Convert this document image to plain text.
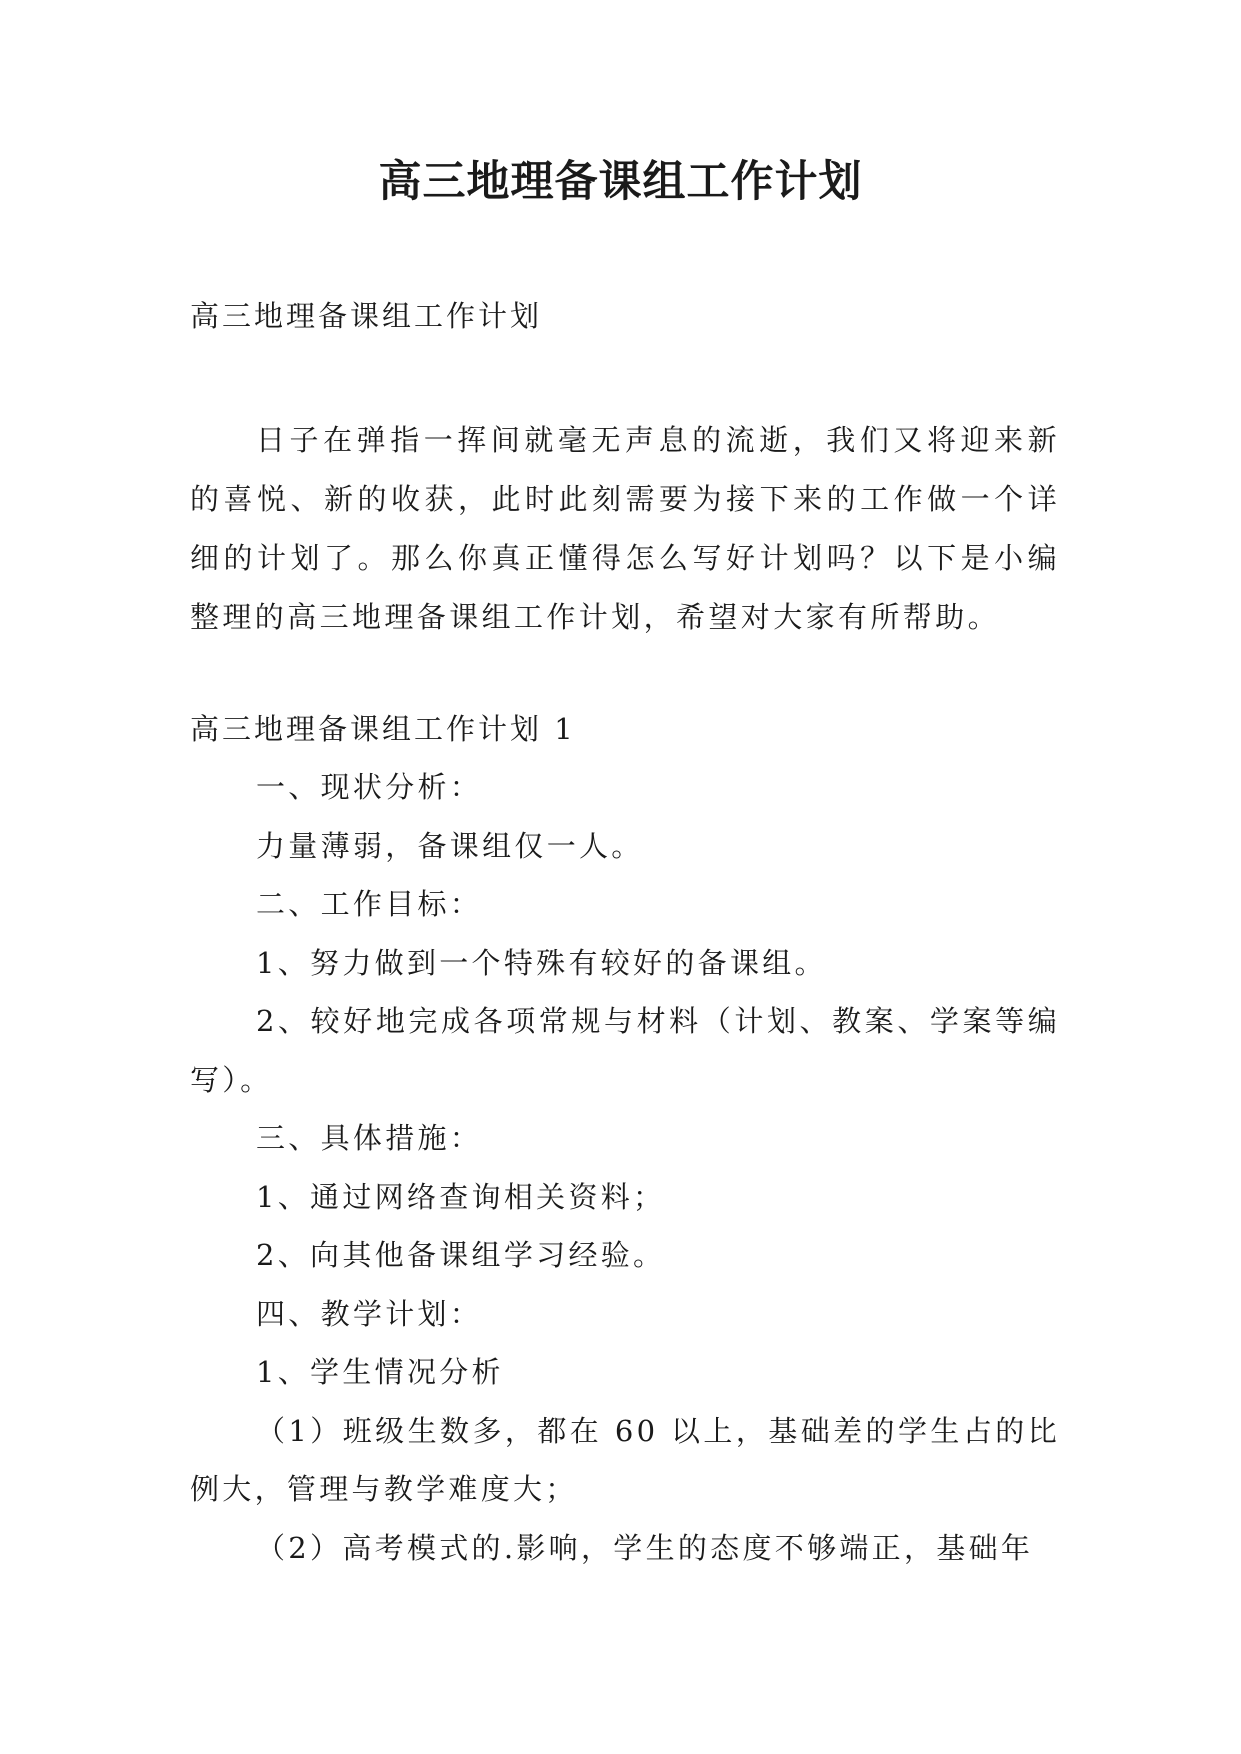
高三地理备课组工作计划
高三地理备课组工作计划
日子在弹指一挥间就毫无声息的流逝，我们又将迎来新的喜悦、新的收获，此时此刻需要为接下来的工作做一个详细的计划了。那么你真正懂得怎么写好计划吗？以下是小编整理的高三地理备课组工作计划，希望对大家有所帮助。
高三地理备课组工作计划 1

一、现状分析：

力量薄弱，备课组仅一人。

二、工作目标：

1、努力做到一个特殊有较好的备课组。

2、较好地完成各项常规与材料（计划、教案、学案等编写）。

三、具体措施：

1、通过网络查询相关资料；

2、向其他备课组学习经验。

四、教学计划：

1、学生情况分析

（1）班级生数多，都在 60 以上，基础差的学生占的比例大，管理与教学难度大；

（2）高考模式的.影响，学生的态度不够端正，基础年
